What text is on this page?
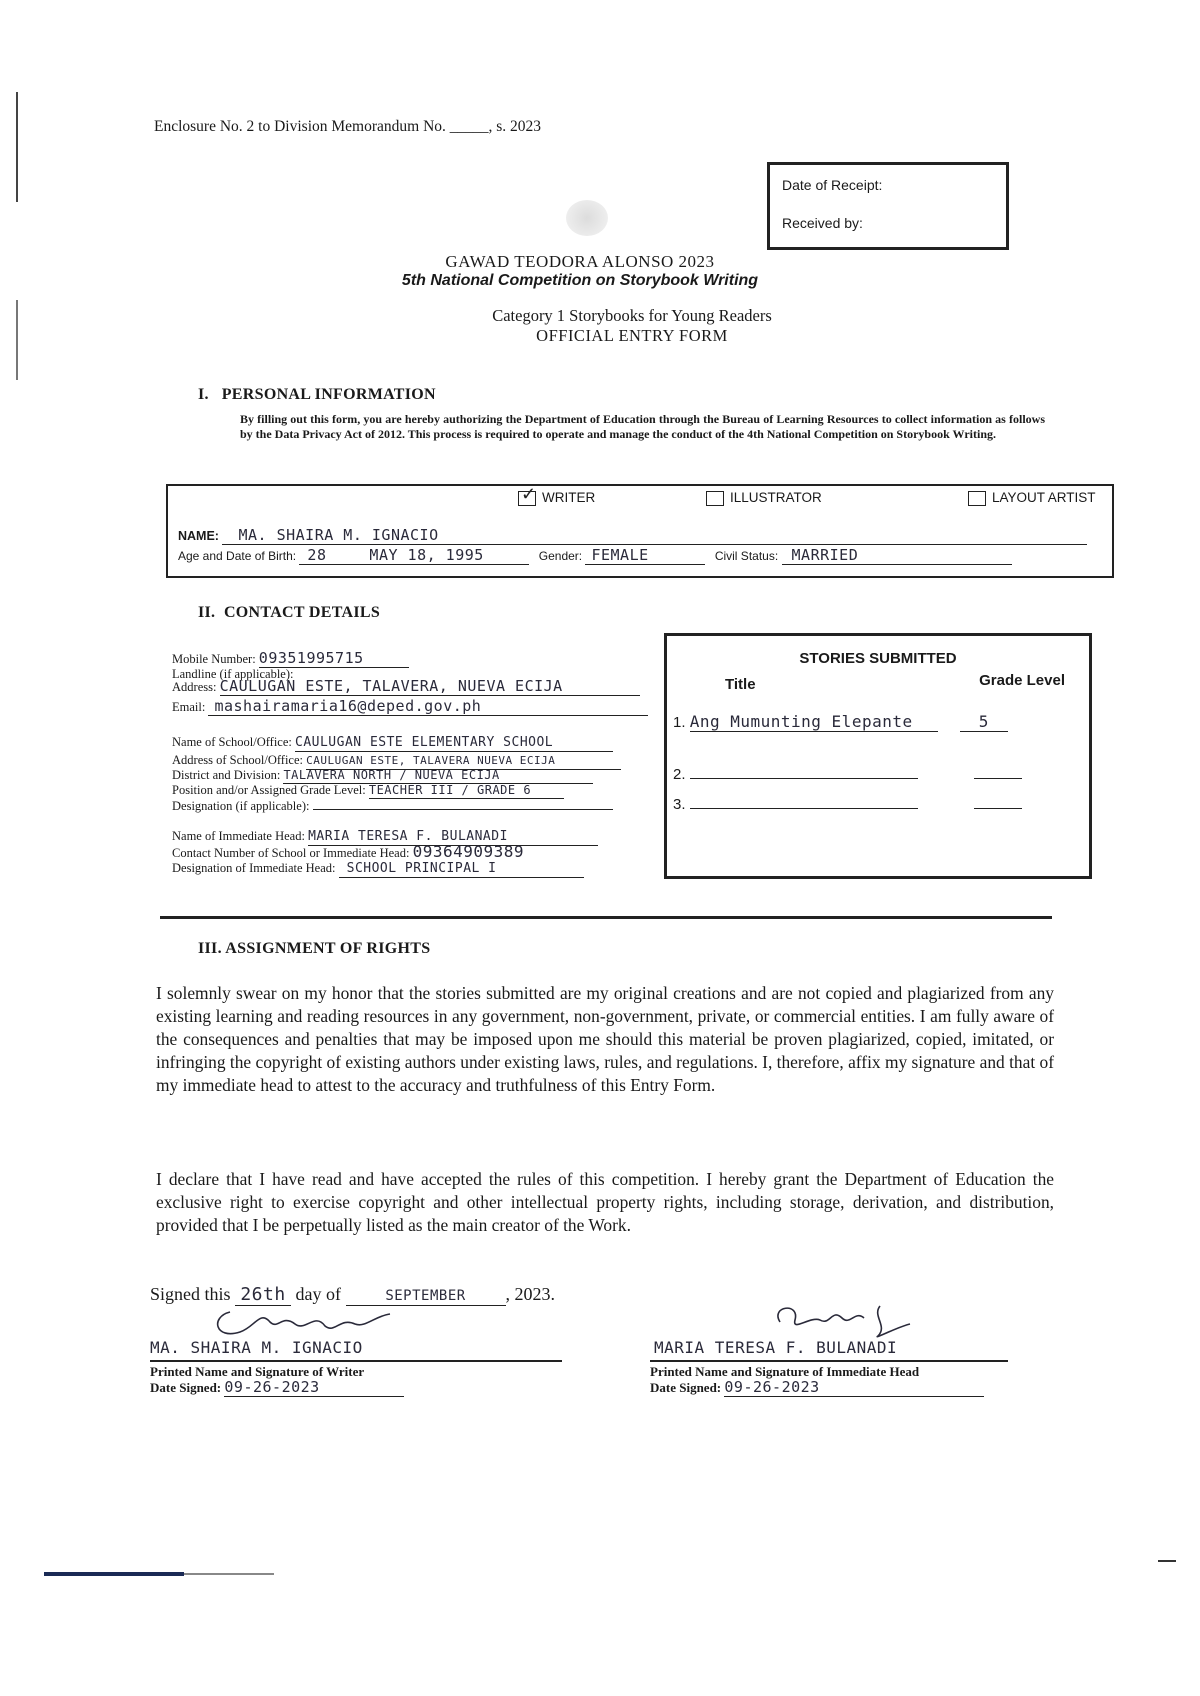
Enclosure No. 2 to Division Memorandum No. _____, s. 2023
Date of Receipt:
Received by:
GAWAD TEODORA ALONSO 2023
5th National Competition on Storybook Writing
Category 1 Storybooks for Young Readers
OFFICIAL ENTRY FORM
I.   PERSONAL INFORMATION
By filling out this form, you are hereby authorizing the Department of Education through the Bureau of Learning Resources to collect information as follows by the Data Privacy Act of 2012. This process is required to operate and manage the conduct of the 4th National Competition on Storybook Writing.
✓ WRITER	ILLUSTRATOR	LAYOUT ARTIST
NAME: MA. SHAIRA M. IGNACIO
Age and Date of Birth: 28	MAY 18, 1995	Gender: FEMALE	Civil Status: MARRIED
II.  CONTACT DETAILS
Mobile Number: 09351995715
Landline (if applicable):
Address: CAULUGAN ESTE, TALAVERA, NUEVA ECIJA
Email: mashairamaria16@deped.gov.ph
Name of School/Office: CAULUGAN ESTE ELEMENTARY SCHOOL
Address of School/Office: CAULUGAN ESTE, TALAVERA NUEVA ECIJA
District and Division: TALAVERA NORTH / NUEVA ECIJA
Position and/or Assigned Grade Level: TEACHER III / GRADE 6
Designation (if applicable):
Name of Immediate Head: MARIA TERESA F. BULANADI
Contact Number of School or Immediate Head: 09364909389
Designation of Immediate Head: SCHOOL PRINCIPAL I
STORIES SUBMITTED
Title	Grade Level
1. Ang Mumunting Elepante	5
2.
3.
III. ASSIGNMENT OF RIGHTS
I solemnly swear on my honor that the stories submitted are my original creations and are not copied and plagiarized from any existing learning and reading resources in any government, non-government, private, or commercial entities. I am fully aware of the consequences and penalties that may be imposed upon me should this material be proven plagiarized, copied, imitated, or infringing the copyright of existing authors under existing laws, rules, and regulations. I, therefore, affix my signature and that of my immediate head to attest to the accuracy and truthfulness of this Entry Form.
I declare that I have read and have accepted the rules of this competition. I hereby grant the Department of Education the exclusive right to exercise copyright and other intellectual property rights, including storage, derivation, and distribution, provided that I be perpetually listed as the main creator of the Work.
Signed this 26th day of	SEPTEMBER , 2023.
MA. SHAIRA M. IGNACIO
Printed Name and Signature of Writer
Date Signed: 09-26-2023
MARIA TERESA F. BULANADI
Printed Name and Signature of Immediate Head
Date Signed: 09-26-2023
